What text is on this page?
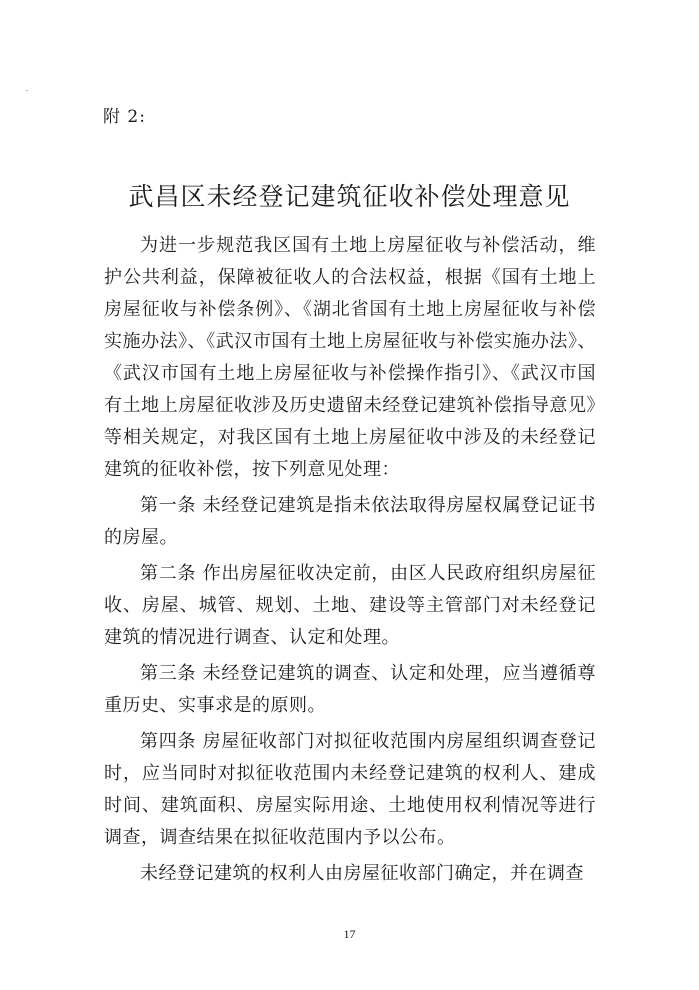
附 2:
武昌区未经登记建筑征收补偿处理意见

为进一步规范我区国有土地上房屋征收与补偿活动，维护公共利益，保障被征收人的合法权益，根据《国有土地上房屋征收与补偿条例》、《湖北省国有土地上房屋征收与补偿实施办法》、《武汉市国有土地上房屋征收与补偿实施办法》、《武汉市国有土地上房屋征收与补偿操作指引》、《武汉市国有土地上房屋征收涉及历史遗留未经登记建筑补偿指导意见》等相关规定，对我区国有土地上房屋征收中涉及的未经登记建筑的征收补偿，按下列意见处理：

第一条 未经登记建筑是指未依法取得房屋权属登记证书的房屋。

第二条 作出房屋征收决定前，由区人民政府组织房屋征收、房屋、城管、规划、土地、建设等主管部门对未经登记建筑的情况进行调查、认定和处理。

第三条 未经登记建筑的调查、认定和处理，应当遵循尊重历史、实事求是的原则。

第四条 房屋征收部门对拟征收范围内房屋组织调查登记时，应当同时对拟征收范围内未经登记建筑的权利人、建成时间、建筑面积、房屋实际用途、土地使用权利情况等进行调查，调查结果在拟征收范围内予以公布。

未经登记建筑的权利人由房屋征收部门确定，并在调查

17
